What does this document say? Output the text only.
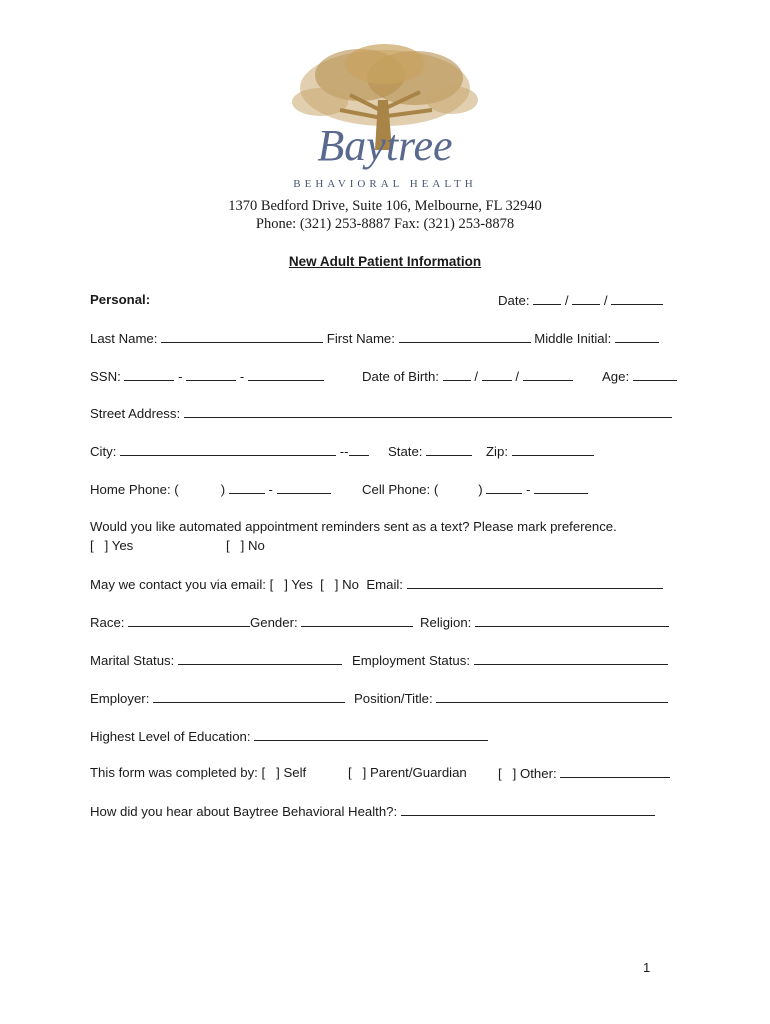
Baytree
BEHAVIORAL HEALTH
1370 Bedford Drive, Suite 106, Melbourne, FL 32940
Phone: (321) 253-8887 Fax: (321) 253-8878
New Adult Patient Information
Personal:	Date:	/	/
Last Name:	First Name:	Middle Initial:
SSN:	-	-	Date of Birth:	/	/	Age:
Street Address:
City:	--	State:	Zip:
Home Phone: (	)	-	Cell Phone: (	)	-
Would you like automated appointment reminders sent as a text? Please mark preference.
[   ] Yes	[   ] No
May we contact you via email: [   ] Yes  [   ] No  Email:
Race:	Gender:	Religion:
Marital Status:	Employment Status:
Employer:	Position/Title:
Highest Level of Education:
This form was completed by: [   ] Self	[   ] Parent/Guardian [   ] Other:
How did you hear about Baytree Behavioral Health?:
1
